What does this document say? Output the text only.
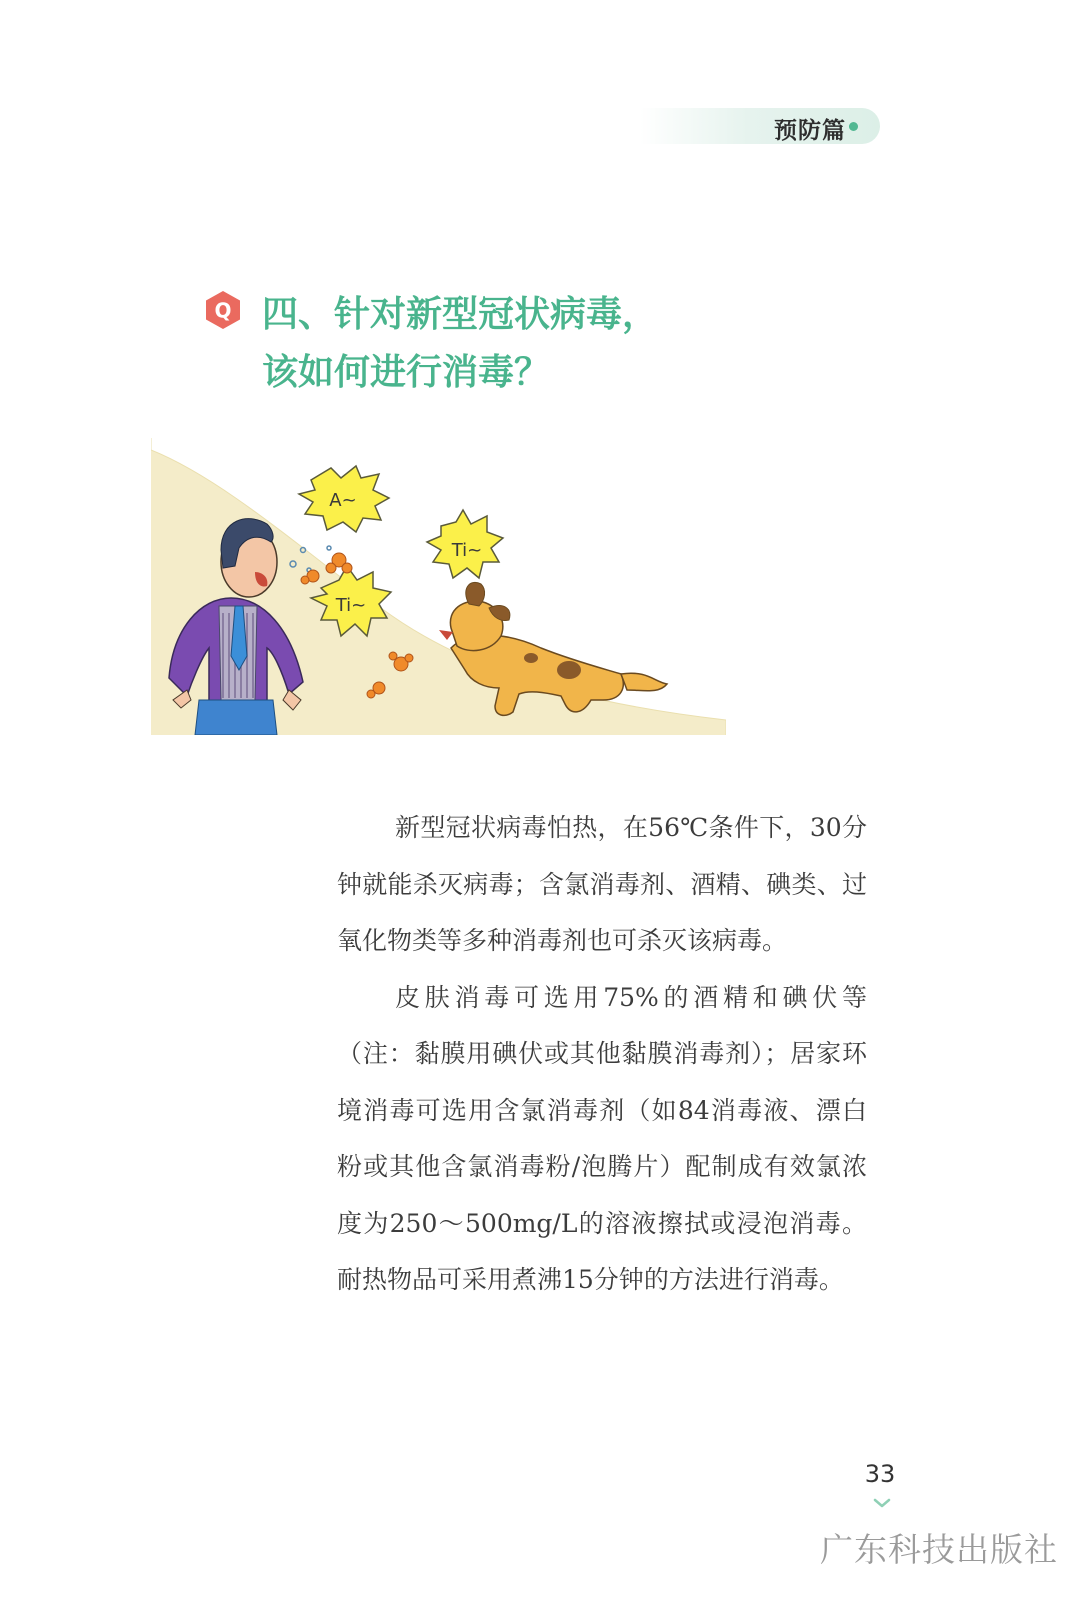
预防篇
Q 四、针对新型冠状病毒，
该如何进行消毒？
A~
Ti~
Ti~

新型冠状病毒怕热，在56℃条件下，30分钟就能杀灭病毒；含氯消毒剂、酒精、碘类、过氧化物类等多种消毒剂也可杀灭该病毒。

皮肤消毒可选用75%的酒精和碘伏等（注：黏膜用碘伏或其他黏膜消毒剂）；居家环境消毒可选用含氯消毒剂（如84消毒液、漂白粉或其他含氯消毒粉/泡腾片）配制成有效氯浓度为250～500mg/L的溶液擦拭或浸泡消毒。耐热物品可采用煮沸15分钟的方法进行消毒。

33
广东科技出版社
